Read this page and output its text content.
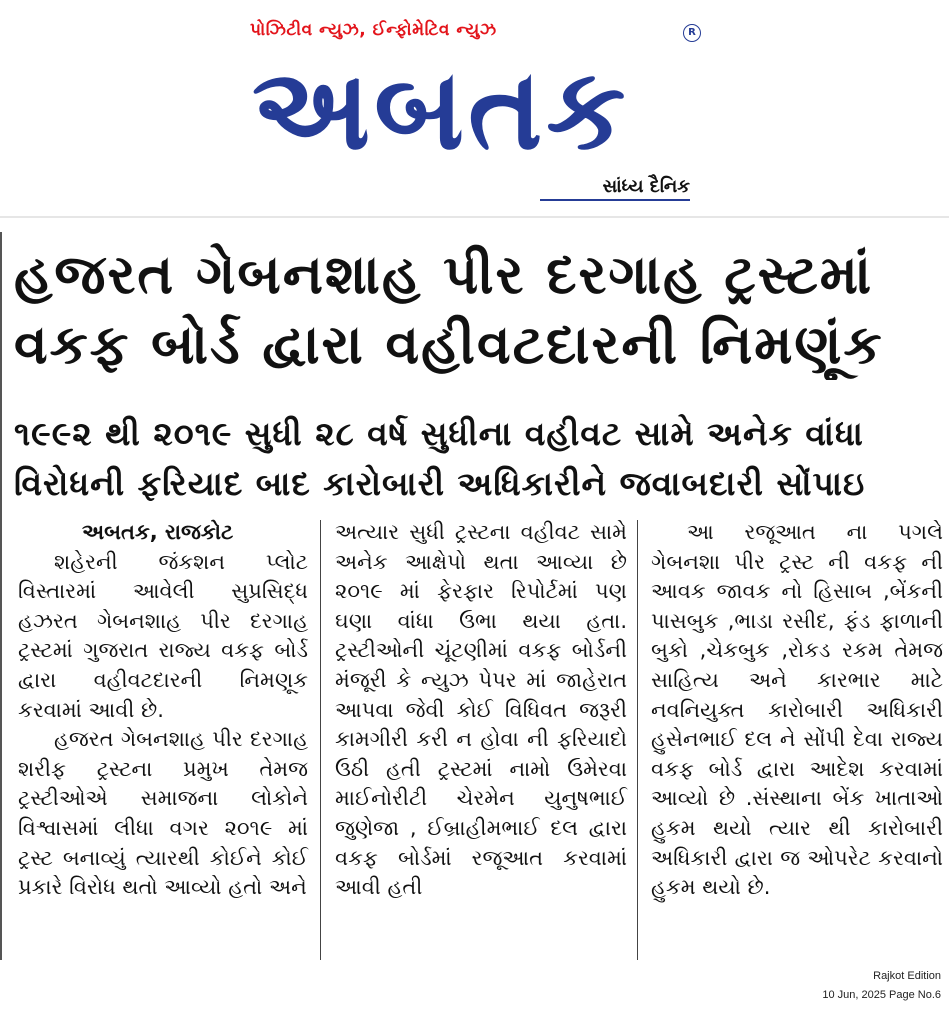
પોઝિટીવ ન્યુઝ, ઈન્ફોમેટિવ ન્યુઝ
અબતક
R
સાંધ્ય દૈનિક
હજરત ગેબનશાહ પીર દરગાહ ટ્રસ્ટમાં
વકફ બોર્ડ દ્વારા વહીવટદારની નિમણૂંક
૧૯૯૨ થી ૨૦૧૯ સુધી ૨૮ વર્ષ સુધીના વહીવટ સામે અનેક વાંધા
વિરોધની ફરિયાદ બાદ કારોબારી અધિકારીને જવાબદારી સોંપાઇ
અબતક, રાજકોટ

શહેરની જંકશન પ્લોટ વિસ્તારમાં આવેલી સુપ્રસિદ્ધ હઝરત ગેબનશાહ પીર દરગાહ ટ્રસ્ટમાં ગુજરાત રાજ્ય વકફ બોર્ડ દ્વારા વહીવટદારની નિમણૂક કરવામાં આવી છે.

હજરત ગેબનશાહ પીર દરગાહ શરીફ ટ્રસ્ટના પ્રમુખ તેમજ ટ્રસ્ટીઓએ સમાજના લોકોને વિશ્વાસમાં લીધા વગર ૨૦૧૯ માં ટ્રસ્ટ બનાવ્યું ત્યારથી કોઈને કોઈ પ્રકારે વિરોધ થતો આવ્યો હતો અને

અત્યાર સુધી ટ્રસ્ટના વહીવટ સામે અનેક આક્ષેપો થતા આવ્યા છે ૨૦૧૯ માં ફેરફાર રિપોર્ટમાં પણ ઘણા વાંધા ઉભા થયા હતા. ટ્રસ્ટીઓની ચૂંટણીમાં વકફ બોર્ડની મંજૂરી કે ન્યુઝ પેપર માં જાહેરાત આપવા જેવી કોઈ વિધિવત જરૂરી કામગીરી કરી ન હોવા ની ફરિયાદો ઉઠી હતી ટ્રસ્ટમાં નામો ઉમેરવા માઈનોરીટી ચેરમેન યુનુષભાઈ જુણેજા , ઈબ્રાહીમભાઈ દલ દ્વારા વકફ બોર્ડમાં રજૂઆત કરવામાં આવી હતી

આ રજૂઆત ના પગલે ગેબનશા પીર ટ્રસ્ટ ની વકફ ની આવક જાવક નો હિસાબ ,બેંકની પાસબુક ,ભાડા રસીદ, ફંડ ફાળાની બુકો ,ચેકબુક ,રોકડ રકમ તેમજ સાહિત્ય અને કારભાર માટે નવનિયુક્ત કારોબારી અધિકારી હુસેનભાઈ દલ ને સોંપી દેવા રાજ્ય વકફ બોર્ડ દ્વારા આદેશ કરવામાં આવ્યો છે .સંસ્થાના બેંક ખાતાઓ હુકમ થયો ત્યાર થી કારોબારી અધિકારી દ્વારા જ ઓપરેટ કરવાનો હુકમ થયો છે.

Rajkot Edition
10 Jun, 2025 Page No.6
